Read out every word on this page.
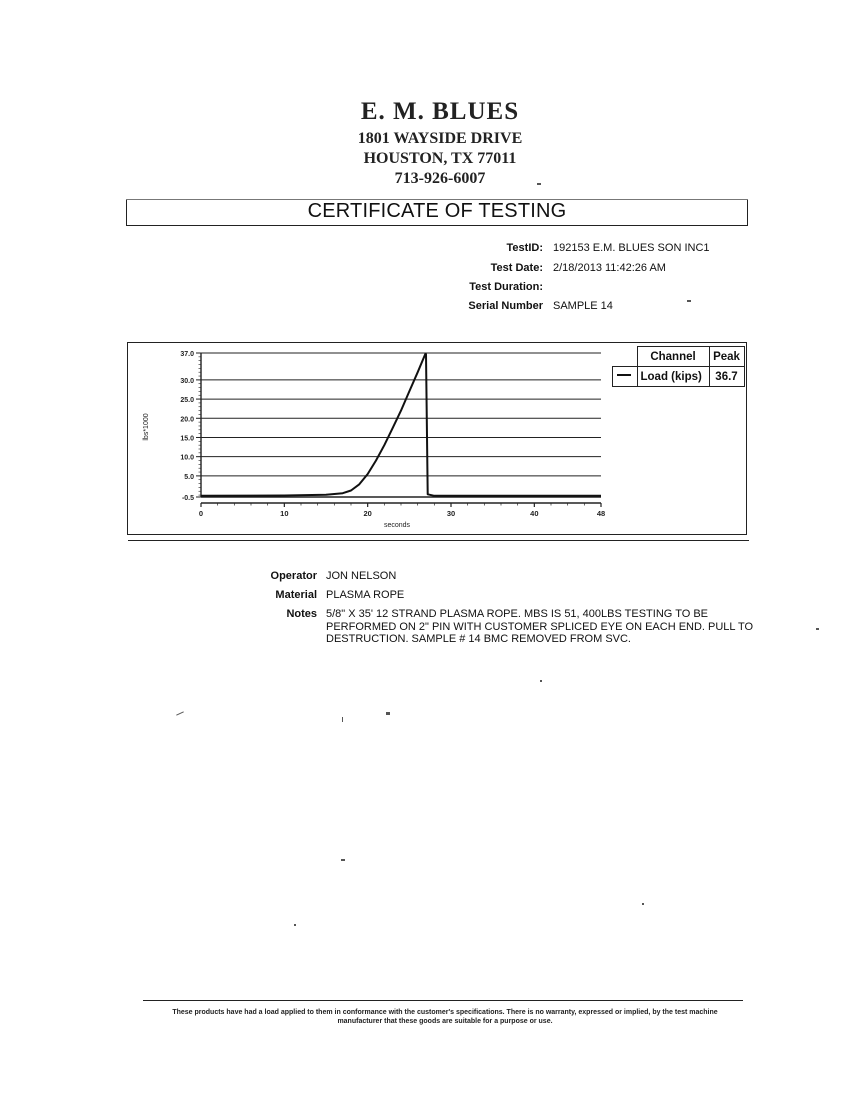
E. M. BLUES
1801 WAYSIDE DRIVE
HOUSTON, TX 77011
713-926-6007
CERTIFICATE OF TESTING
TestID: 192153 E.M. BLUES SON INC1
Test Date: 2/18/2013 11:42:26 AM
Test Duration:
Serial Number SAMPLE 14
-0.5
5.0
10.0
15.0
20.0
25.0
30.0
37.0
0	10	20	30	40	48
seconds
lbs*1000
	Channel	Peak
	Load (kips)	36.7
Operator JON NELSON
Material PLASMA ROPE
Notes 5/8" X 35' 12 STRAND PLASMA ROPE. MBS IS 51, 400LBS TESTING TO BE PERFORMED ON 2" PIN WITH CUSTOMER SPLICED EYE ON EACH END. PULL TO DESTRUCTION. SAMPLE # 14 BMC REMOVED FROM SVC.
These products have had a load applied to them in conformance with the customer's specifications. There is no warranty, expressed or implied, by the test machine manufacturer that these goods are suitable for a purpose or use.
